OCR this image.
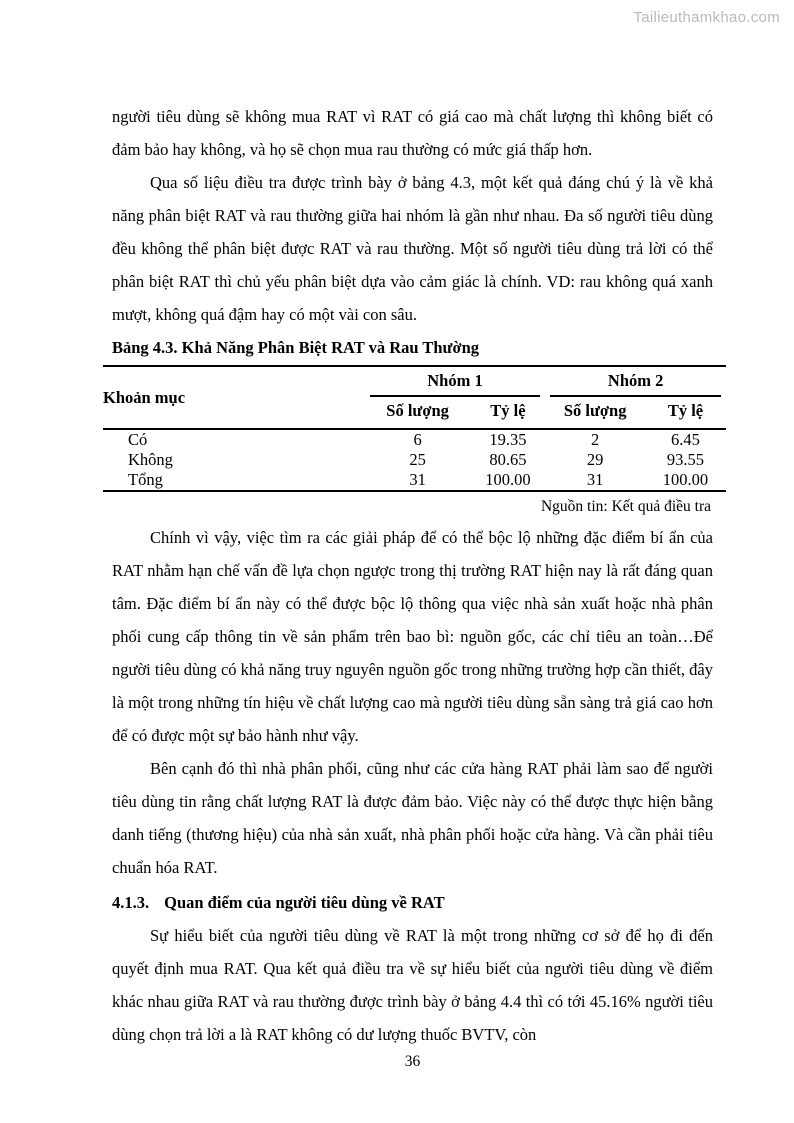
Tailieuthamkhao.com

người tiêu dùng sẽ không mua RAT vì RAT có giá cao mà chất lượng thì không biết có đảm bảo hay không, và họ sẽ chọn mua rau thường có mức giá thấp hơn.

Qua số liệu điều tra được trình bày ở bảng 4.3, một kết quả đáng chú ý là về khả năng phân biệt RAT và rau thường giữa hai nhóm là gần như nhau. Đa số người tiêu dùng đều không thể phân biệt được RAT và rau thường. Một số người tiêu dùng trả lời có thể phân biệt RAT thì chủ yếu phân biệt dựa vào cảm giác là chính. VD: rau không quá xanh mượt, không quá đậm hay có một vài con sâu.

Bảng 4.3. Khả Năng Phân Biệt RAT và Rau Thường

Khoản mục	Nhóm 1		Nhóm 2	

	Số lượng	Tỷ lệ	Số lượng	Tỷ lệ
Có	6	19.35	2	6.45
Không	25	80.65	29	93.55
Tổng	31	100.00	31	100.00
Nguồn tin: Kết quả điều tra

Chính vì vậy, việc tìm ra các giải pháp để có thể bộc lộ những đặc điểm bí ẩn của RAT nhằm hạn chế vấn đề lựa chọn ngược trong thị trường RAT hiện nay là rất đáng quan tâm. Đặc điểm bí ẩn này có thể được bộc lộ thông qua việc nhà sản xuất hoặc nhà phân phối cung cấp thông tin về sản phẩm trên bao bì: nguồn gốc, các chỉ tiêu an toàn…Để người tiêu dùng có khả năng truy nguyên nguồn gốc trong những trường hợp cần thiết, đây là một trong những tín hiệu về chất lượng cao mà người tiêu dùng sẵn sàng trả giá cao hơn để có được một sự bảo hành như vậy.

Bên cạnh đó thì nhà phân phối, cũng như các cửa hàng RAT phải làm sao để người tiêu dùng tin rằng chất lượng RAT là được đảm bảo. Việc này có thể được thực hiện bằng danh tiếng (thương hiệu) của nhà sản xuất, nhà phân phối hoặc cửa hàng. Và cần phải tiêu chuẩn hóa RAT.

4.1.3. Quan điểm của người tiêu dùng về RAT

Sự hiểu biết của người tiêu dùng về RAT là một trong những cơ sở để họ đi đến quyết định mua RAT. Qua kết quả điều tra về sự hiểu biết của người tiêu dùng về điểm khác nhau giữa RAT và rau thường được trình bày ở bảng 4.4 thì có tới 45.16% người tiêu dùng chọn trả lời a là RAT không có dư lượng thuốc BVTV, còn

36
